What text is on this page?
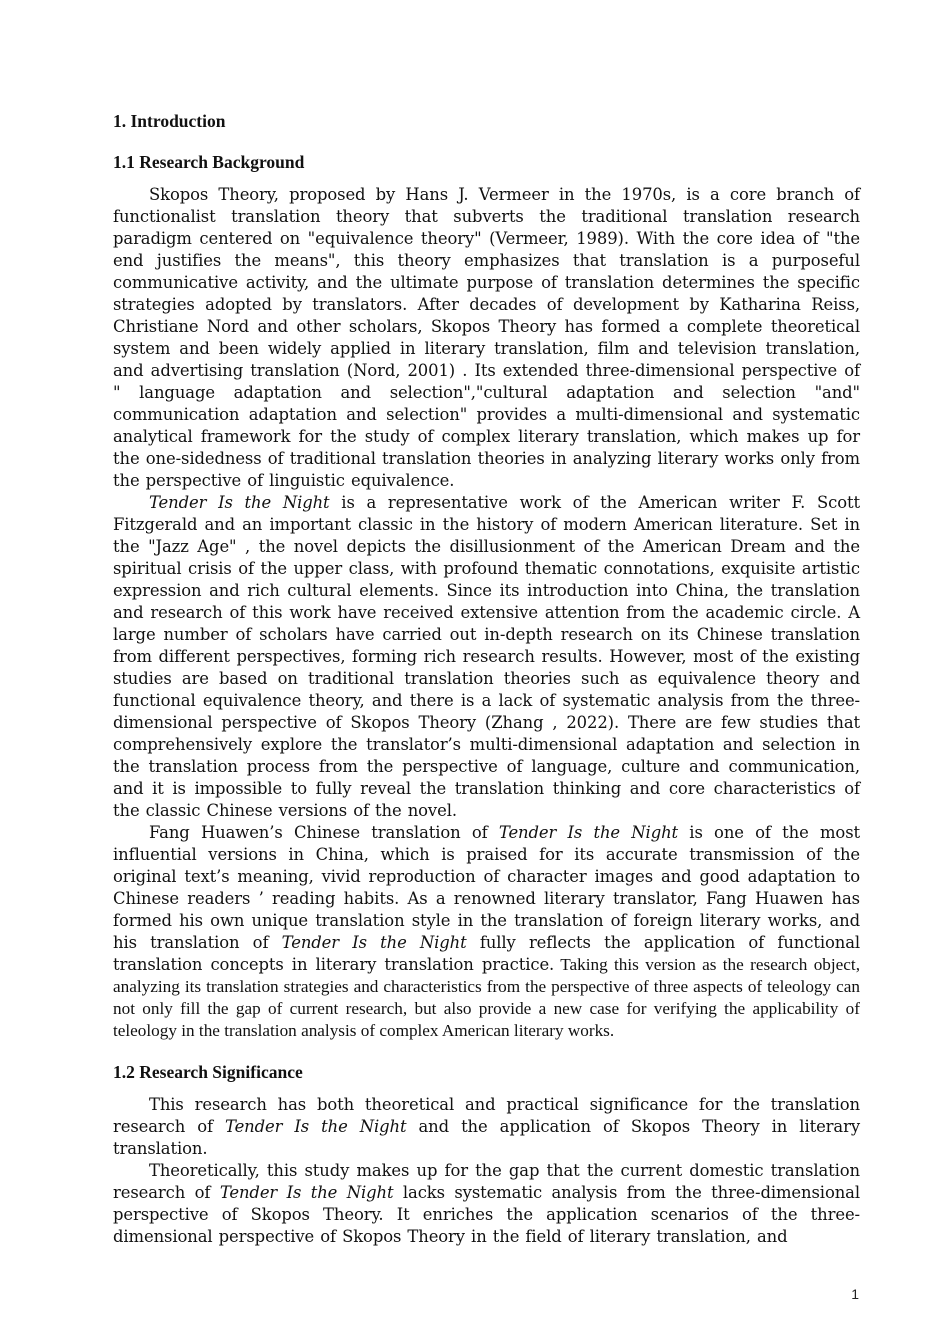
1. Introduction
1.1 Research Background

Skopos Theory, proposed by Hans J. Vermeer in the 1970s, is a core branch of functionalist translation theory that subverts the traditional translation research paradigm centered on "equivalence theory" (Vermeer, 1989). With the core idea of "the end justifies the means", this theory emphasizes that translation is a purposeful communicative activity, and the ultimate purpose of translation determines the specific strategies adopted by translators. After decades of development by Katharina Reiss, Christiane Nord and other scholars, Skopos Theory has formed a complete theoretical system and been widely applied in literary translation, film and television translation, and advertising translation (Nord, 2001) . Its extended three-dimensional perspective of " language adaptation and selection","cultural adaptation and selection "and" communication adaptation and selection" provides a multi-dimensional and systematic analytical framework for the study of complex literary translation, which makes up for the one-sidedness of traditional translation theories in analyzing literary works only from the perspective of linguistic equivalence.

Tender Is the Night is a representative work of the American writer F. Scott Fitzgerald and an important classic in the history of modern American literature. Set in the "Jazz Age" , the novel depicts the disillusionment of the American Dream and the spiritual crisis of the upper class, with profound thematic connotations, exquisite artistic expression and rich cultural elements. Since its introduction into China, the translation and research of this work have received extensive attention from the academic circle. A large number of scholars have carried out in-depth research on its Chinese translation from different perspectives, forming rich research results. However, most of the existing studies are based on traditional translation theories such as equivalence theory and functional equivalence theory, and there is a lack of systematic analysis from the three-dimensional perspective of Skopos Theory (Zhang , 2022). There are few studies that comprehensively explore the translator’s multi-dimensional adaptation and selection in the translation process from the perspective of language, culture and communication, and it is impossible to fully reveal the translation thinking and core characteristics of the classic Chinese versions of the novel.

Fang Huawen’s Chinese translation of Tender Is the Night is one of the most influential versions in China, which is praised for its accurate transmission of the original text’s meaning, vivid reproduction of character images and good adaptation to Chinese readers ’ reading habits. As a renowned literary translator, Fang Huawen has formed his own unique translation style in the translation of foreign literary works, and his translation of Tender Is the Night fully reflects the application of functional translation concepts in literary translation practice. Taking this version as the research object, analyzing its translation strategies and characteristics from the perspective of three aspects of teleology can not only fill the gap of current research, but also provide a new case for verifying the applicability of teleology in the translation analysis of complex American literary works.

1.2 Research Significance

This research has both theoretical and practical significance for the translation research of Tender Is the Night and the application of Skopos Theory in literary translation.

Theoretically, this study makes up for the gap that the current domestic translation research of Tender Is the Night lacks systematic analysis from the three-dimensional perspective of Skopos Theory. It enriches the application scenarios of the three-dimensional perspective of Skopos Theory in the field of literary translation, and

1
